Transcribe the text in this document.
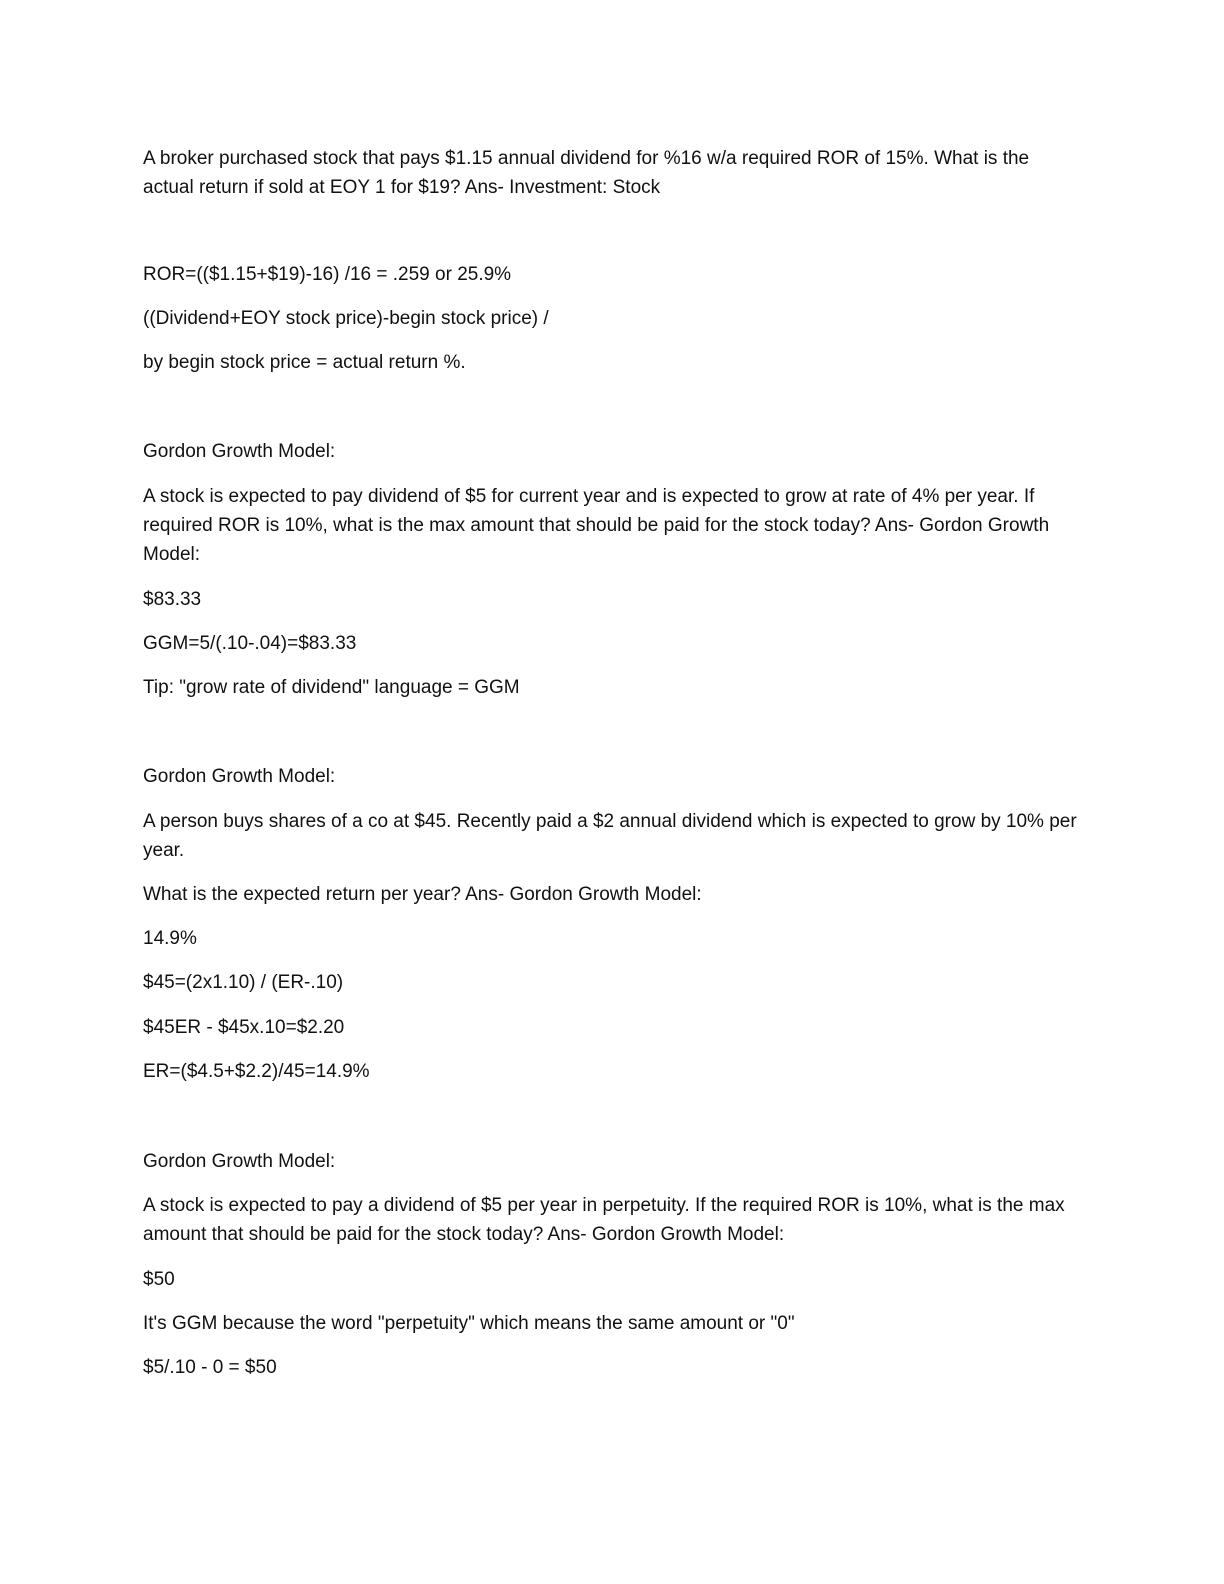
A broker purchased stock that pays $1.15 annual dividend for %16 w/a required ROR of 15%. What is the actual return if sold at EOY 1 for $19? Ans- Investment: Stock

ROR=(($1.15+$19)-16) /16 = .259 or 25.9%

((Dividend+EOY stock price)-begin stock price) /

by begin stock price = actual return %.

Gordon Growth Model:

A stock is expected to pay dividend of $5 for current year and is expected to grow at rate of 4% per year. If required ROR is 10%, what is the max amount that should be paid for the stock today? Ans- Gordon Growth Model:

$83.33

GGM=5/(.10-.04)=$83.33

Tip: "grow rate of dividend" language = GGM

Gordon Growth Model:

A person buys shares of a co at $45. Recently paid a $2 annual dividend which is expected to grow by 10% per year.

What is the expected return per year? Ans- Gordon Growth Model:

14.9%

$45=(2x1.10) / (ER-.10)

$45ER - $45x.10=$2.20

ER=($4.5+$2.2)/45=14.9%

Gordon Growth Model:

A stock is expected to pay a dividend of $5 per year in perpetuity. If the required ROR is 10%, what is the max amount that should be paid for the stock today? Ans- Gordon Growth Model:

$50

It's GGM because the word "perpetuity" which means the same amount or "0"

$5/.10 - 0 = $50
